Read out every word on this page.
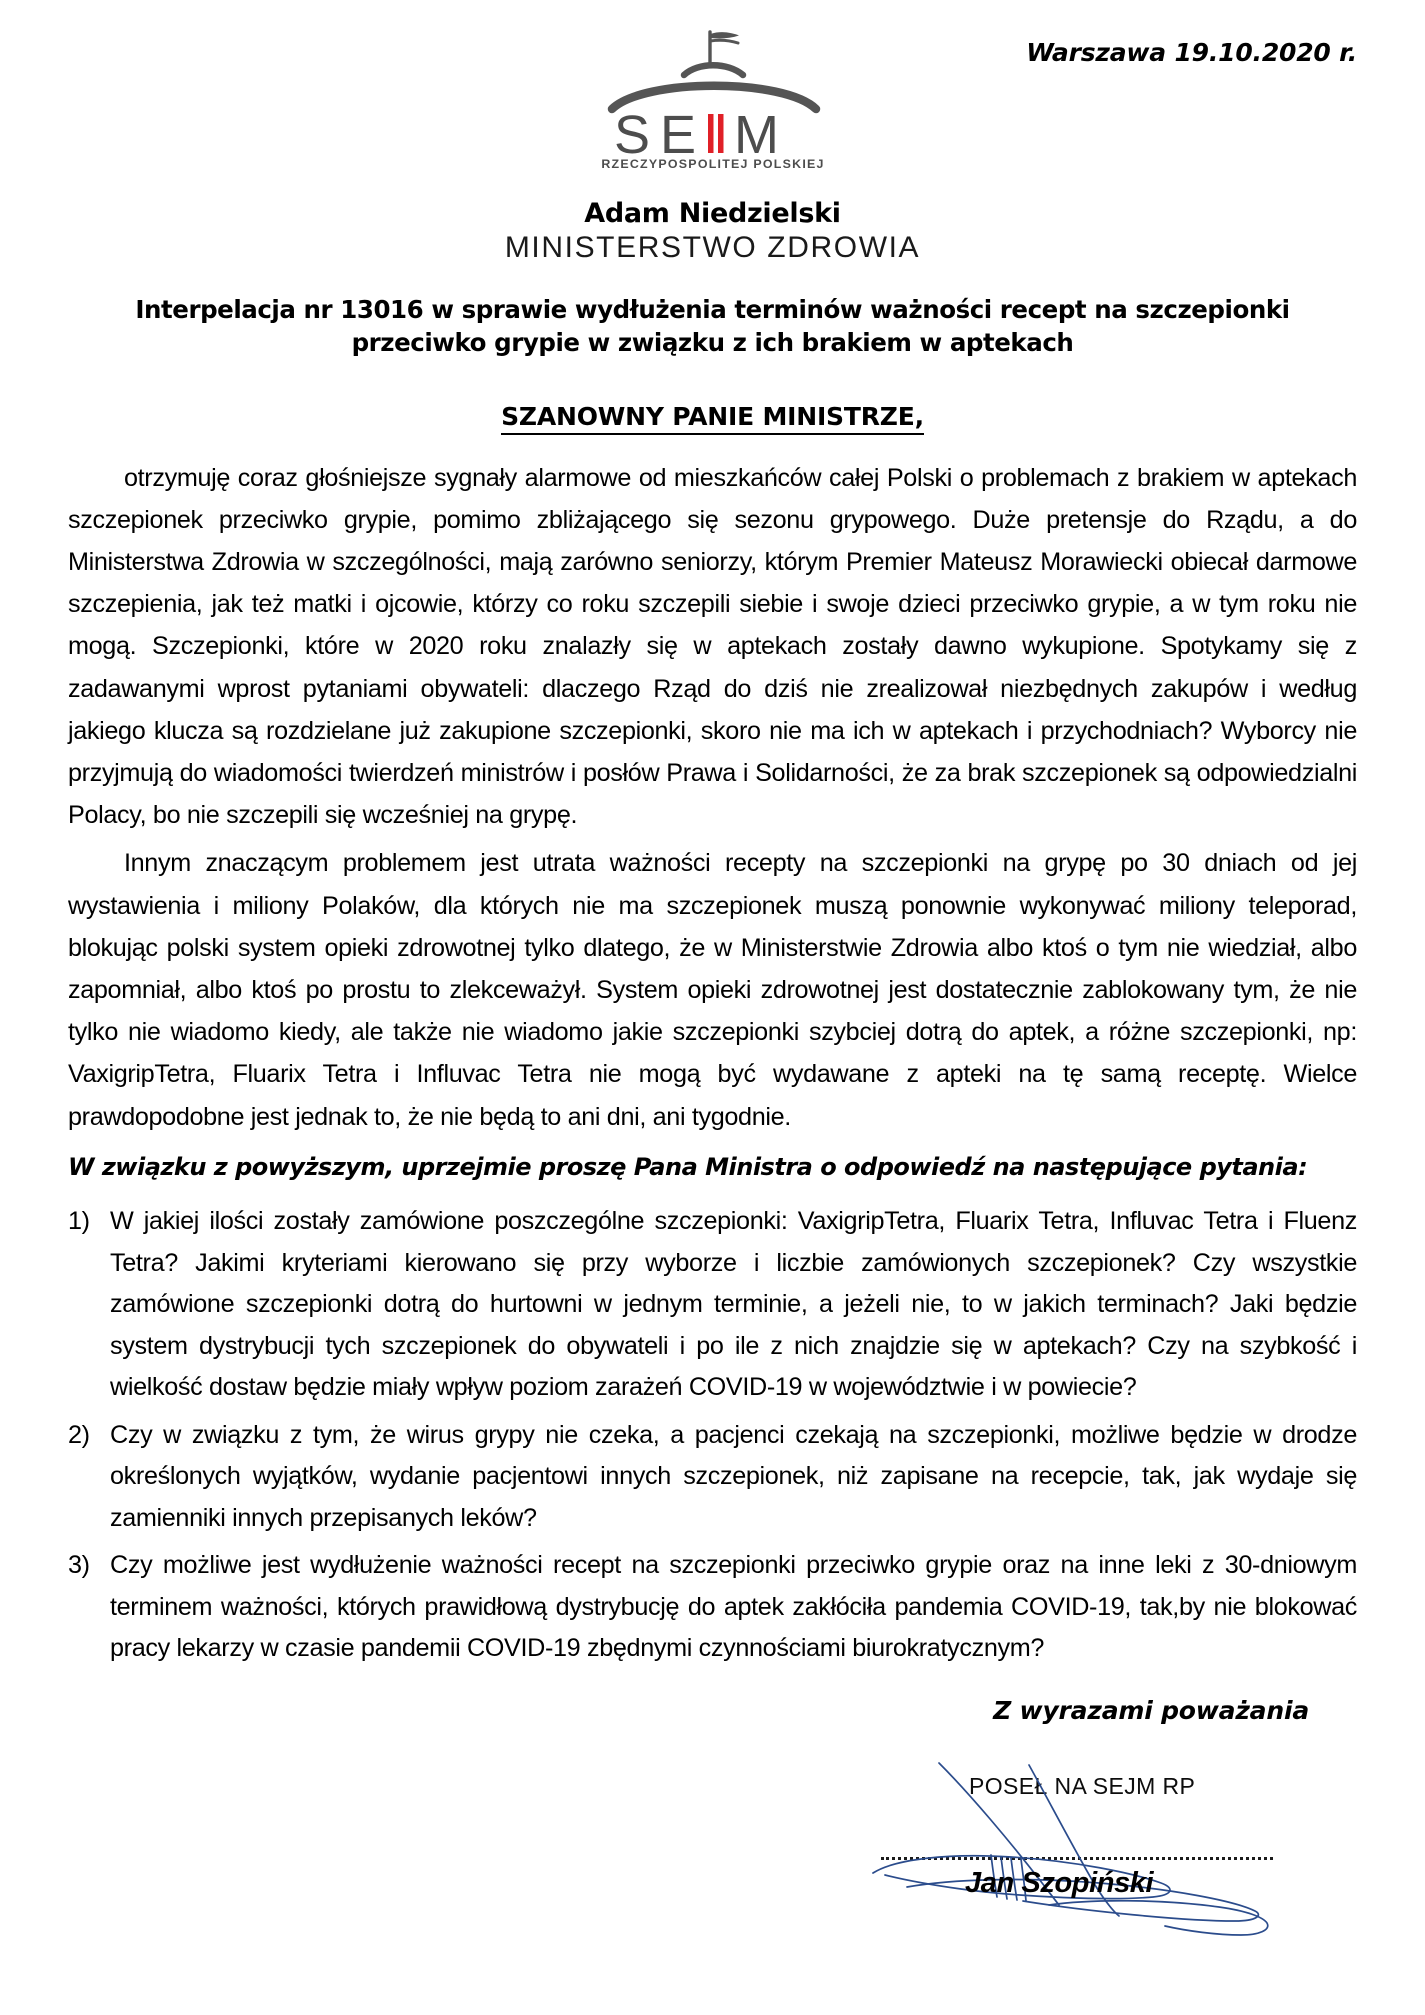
S E M
RZECZYPOSPOLITEJ POLSKIEJ
Warszawa 19.10.2020 r.
Adam Niedzielski
MINISTERSTWO ZDROWIA
Interpelacja nr 13016 w sprawie wydłużenia terminów ważności recept na szczepionki przeciwko grypie w związku z ich brakiem w aptekach
SZANOWNY PANIE MINISTRZE,

otrzymuję coraz głośniejsze sygnały alarmowe od mieszkańców całej Polski o problemach z brakiem w aptekach szczepionek przeciwko grypie, pomimo zbliżającego się sezonu grypowego. Duże pretensje do Rządu, a do Ministerstwa Zdrowia w szczególności, mają zarówno seniorzy, którym Premier Mateusz Morawiecki obiecał darmowe szczepienia, jak też matki i ojcowie, którzy co roku szczepili siebie i swoje dzieci przeciwko grypie, a w tym roku nie mogą. Szczepionki, które w 2020 roku znalazły się w aptekach zostały dawno wykupione. Spotykamy się z zadawanymi wprost pytaniami obywateli: dlaczego Rząd do dziś nie zrealizował niezbędnych zakupów i według jakiego klucza są rozdzielane już zakupione szczepionki, skoro nie ma ich w aptekach i przychodniach? Wyborcy nie przyjmują do wiadomości twierdzeń ministrów i posłów Prawa i Solidarności, że za brak szczepionek są odpowiedzialni Polacy, bo nie szczepili się wcześniej na grypę.

Innym znaczącym problemem jest utrata ważności recepty na szczepionki na grypę po 30 dniach od jej wystawienia i miliony Polaków, dla których nie ma szczepionek muszą ponownie wykonywać miliony teleporad, blokując polski system opieki zdrowotnej tylko dlatego, że w Ministerstwie Zdrowia albo ktoś o tym nie wiedział, albo zapomniał, albo ktoś po prostu to zlekceważył. System opieki zdrowotnej jest dostatecznie zablokowany tym, że nie tylko nie wiadomo kiedy, ale także nie wiadomo jakie szczepionki szybciej dotrą do aptek, a różne szczepionki, np: VaxigripTetra, Fluarix Tetra i Influvac Tetra nie mogą być wydawane z apteki na tę samą receptę. Wielce prawdopodobne jest jednak to, że nie będą to ani dni, ani tygodnie.

W związku z powyższym, uprzejmie proszę Pana Ministra o odpowiedź na następujące pytania:
1) W jakiej ilości zostały zamówione poszczególne szczepionki: VaxigripTetra, Fluarix Tetra, Influvac Tetra i Fluenz Tetra? Jakimi kryteriami kierowano się przy wyborze i liczbie zamówionych szczepionek? Czy wszystkie zamówione szczepionki dotrą do hurtowni w jednym terminie, a jeżeli nie, to w jakich terminach? Jaki będzie system dystrybucji tych szczepionek do obywateli i po ile z nich znajdzie się w aptekach? Czy na szybkość i wielkość dostaw będzie miały wpływ poziom zarażeń COVID-19 w województwie i w powiecie?
2) Czy w związku z tym, że wirus grypy nie czeka, a pacjenci czekają na szczepionki, możliwe będzie w drodze określonych wyjątków, wydanie pacjentowi innych szczepionek, niż zapisane na recepcie, tak, jak wydaje się zamienniki innych przepisanych leków?
3) Czy możliwe jest wydłużenie ważności recept na szczepionki przeciwko grypie oraz na inne leki z 30-dniowym terminem ważności, których prawidłową dystrybucję do aptek zakłóciła pandemia COVID-19, tak,by nie blokować pracy lekarzy w czasie pandemii COVID-19 zbędnymi czynnościami biurokratycznym?
Z wyrazami poważania
POSEŁ NA SEJM RP
Jan Szopiński
